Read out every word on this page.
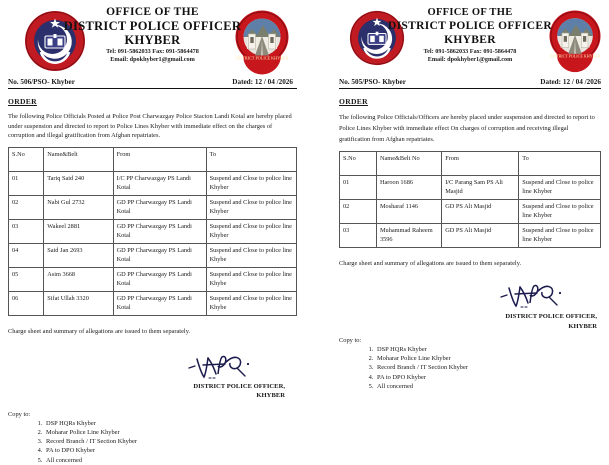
DISTRICT POLICE KHYBER
OFFICE OF THE
DISTRICT POLICE OFFICER
KHYBER
Tel: 091-5862033 Fax: 091-5864478
Email: dpokhyber1@gmail.com
No. 506/PSO- Khyber	Dated: 12 / 04 /2026
ORDER
The following Police Officials Posted at Police Post Charwazgay Police Stacion Landi Kotal are hereby placed under suspension and directed to report to Police Lines Khyber with immediate effect on the charges of corruption and illegal gratification from Afghan repatriates.
S.No	Name&Belt	From	To
01	Tariq Said 240	I/C PP Charwazgay PS Landi Kotal	Suspend and Close to police line Khyber
02	Nabi Gul 2732	GD PP Charwazgay PS Landi Kotal	Suspend and Close to police line Khyber
03	Wakeel 2881	GD PP Charwazgay PS Landi Kotal	Suspend and Close to police line Khyber
04	Said Jan 2693	GD PP Charwazgay PS Landi Kotal	Suspend and Close to police line Khybe
05	Asim 3668	GD PP Charwazgay PS Landi Kotal	Suspend and Close to police line Khybe
06	Sifat Ullah 3320	GD PP Charwazgay PS Landi Kotal	Suspend and Close to police line Khybe
Charge sheet and summary of allegations are issued to them separately.
DISTRICT POLICE OFFICER,
KHYBER
Copy to:
1. DSP HQRs Khyber
2. Moharar Police Line Khyber
3. Record Branch / IT Section Khyber
4. PA to DPO Khyber
5. All concerned
DISTRICT POLICE KHYBER
OFFICE OF THE
DISTRICT POLICE OFFICER
KHYBER
Tel: 091-5862033 Fax: 091-5864478
Email: dpokhyber1@gmail.com
No. 505/PSO- Khyber	Dated: 12 / 04 /2026
ORDER
The following Police Officials/Officers are hereby placed under suspension and directed to report to Police Lines Khyber with immediate effect On charges of corruption and receiving illegal gratification from Afghan repatriates.
S.No	Name&Belt No	From	To
01	Haroon 1686	I/C Parang Sam PS Ali Masjid	Suspend and Close to police line Khyber
02	Mosharaf 1146	GD PS Ali Masjid	Suspend and Close to police line Khyber
03	Muhammad Raheem 3596	GD PS Ali Masjid	Suspend and Close to police line Khyber
Charge sheet and summary of allegations are issued to them separately.
DISTRICT POLICE OFFICER,
KHYBER
Copy to:
1. DSP HQRs Khyber
2. Moharar Police Line Khyber
3. Record Branch / IT Section Khyber
4. PA to DPO Khyber
5. All concerned
